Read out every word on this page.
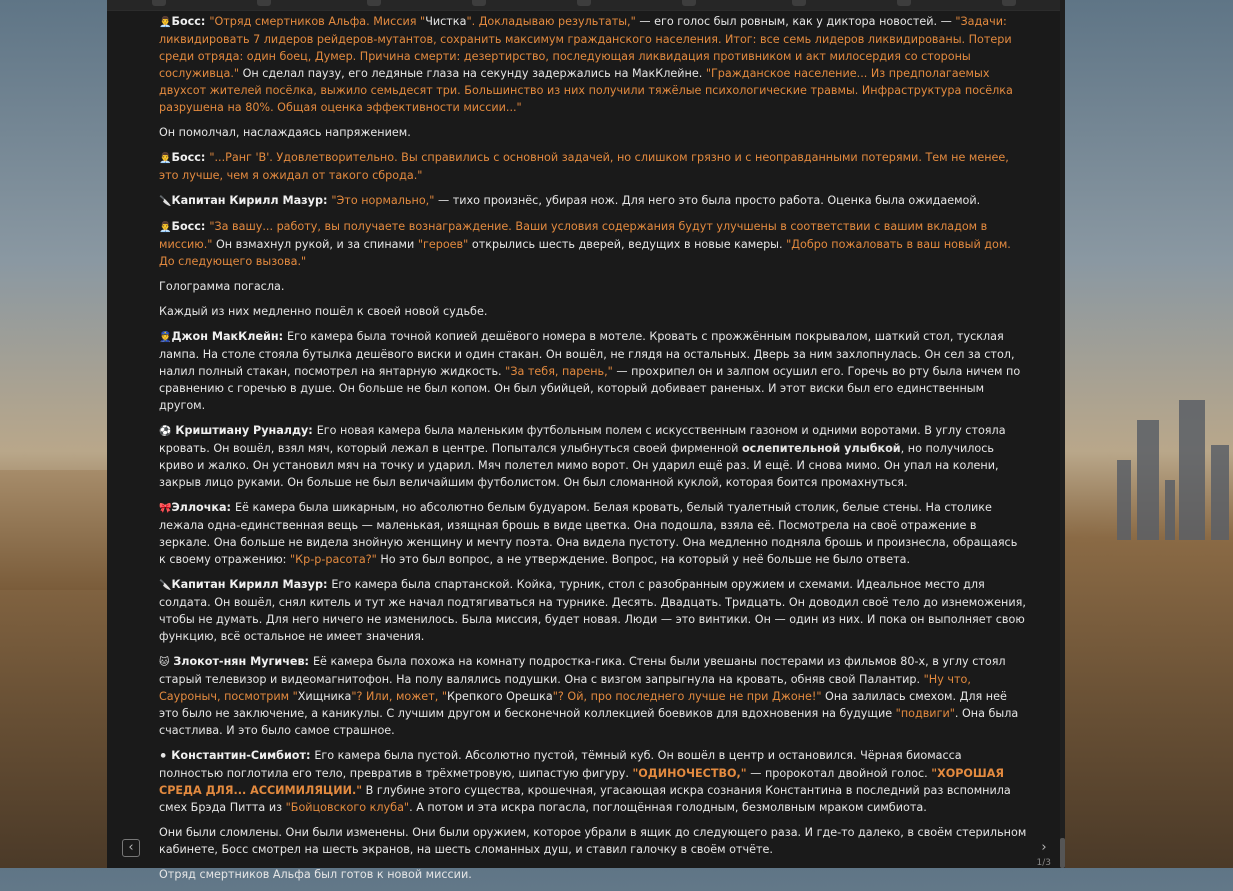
👨‍💼Босс: "Отряд смертников Альфа. Миссия "Чистка". Докладываю результаты," — его голос был ровным, как у диктора новостей. — "Задачи: ликвидировать 7 лидеров рейдеров-мутантов, сохранить максимум гражданского населения. Итог: все семь лидеров ликвидированы. Потери среди отряда: один боец, Думер. Причина смерти: дезертирство, последующая ликвидация противником и акт милосердия со стороны сослуживца." Он сделал паузу, его ледяные глаза на секунду задержались на МакКлейне. "Гражданское население... Из предполагаемых двухсот жителей посёлка, выжило семьдесят три. Большинство из них получили тяжёлые психологические травмы. Инфраструктура посёлка разрушена на 80%. Общая оценка эффективности миссии..."

Он помолчал, наслаждаясь напряжением.

👨‍💼Босс: "...Ранг 'B'. Удовлетворительно. Вы справились с основной задачей, но слишком грязно и с неоправданными потерями. Тем не менее, это лучше, чем я ожидал от такого сброда."

🔪Капитан Кирилл Мазур: "Это нормально," — тихо произнёс, убирая нож. Для него это была просто работа. Оценка была ожидаемой.

👨‍💼Босс: "За вашу... работу, вы получаете вознаграждение. Ваши условия содержания будут улучшены в соответствии с вашим вкладом в миссию." Он взмахнул рукой, и за спинами "героев" открылись шесть дверей, ведущих в новые камеры. "Добро пожаловать в ваш новый дом. До следующего вызова."

Голограмма погасла.

Каждый из них медленно пошёл к своей новой судьбе.

👮Джон МакКлейн: Его камера была точной копией дешёвого номера в мотеле. Кровать с прожжённым покрывалом, шаткий стол, тусклая лампа. На столе стояла бутылка дешёвого виски и один стакан. Он вошёл, не глядя на остальных. Дверь за ним захлопнулась. Он сел за стол, налил полный стакан, посмотрел на янтарную жидкость. "За тебя, парень," — прохрипел он и залпом осушил его. Горечь во рту была ничем по сравнению с горечью в душе. Он больше не был копом. Он был убийцей, который добивает раненых. И этот виски был его единственным другом.

⚽ Криштиану Руналду: Его новая камера была маленьким футбольным полем с искусственным газоном и одними воротами. В углу стояла кровать. Он вошёл, взял мяч, который лежал в центре. Попытался улыбнуться своей фирменной ослепительной улыбкой, но получилось криво и жалко. Он установил мяч на точку и ударил. Мяч полетел мимо ворот. Он ударил ещё раз. И ещё. И снова мимо. Он упал на колени, закрыв лицо руками. Он больше не был величайшим футболистом. Он был сломанной куклой, которая боится промахнуться.

🎀Эллочка: Её камера была шикарным, но абсолютно белым будуаром. Белая кровать, белый туалетный столик, белые стены. На столике лежала одна-единственная вещь — маленькая, изящная брошь в виде цветка. Она подошла, взяла её. Посмотрела на своё отражение в зеркале. Она больше не видела знойную женщину и мечту поэта. Она видела пустоту. Она медленно подняла брошь и произнесла, обращаясь к своему отражению: "Кр-р-расота?" Но это был вопрос, а не утверждение. Вопрос, на который у неё больше не было ответа.

🔪Капитан Кирилл Мазур: Его камера была спартанской. Койка, турник, стол с разобранным оружием и схемами. Идеальное место для солдата. Он вошёл, снял китель и тут же начал подтягиваться на турнике. Десять. Двадцать. Тридцать. Он доводил своё тело до изнеможения, чтобы не думать. Для него ничего не изменилось. Была миссия, будет новая. Люди — это винтики. Он — один из них. И пока он выполняет свою функцию, всё остальное не имеет значения.

🐱 Злокот-нян Мугичев: Её камера была похожа на комнату подростка-гика. Стены были увешаны постерами из фильмов 80-х, в углу стоял старый телевизор и видеомагнитофон. На полу валялись подушки. Она с визгом запрыгнула на кровать, обняв свой Палантир. "Ну что, Сауроныч, посмотрим "Хищника"? Или, может, "Крепкого Орешка"? Ой, про последнего лучше не при Джоне!" Она залилась смехом. Для неё это было не заключение, а каникулы. С лучшим другом и бесконечной коллекцией боевиков для вдохновения на будущие "подвиги". Она была счастлива. И это было самое страшное.

⚫ Константин-Симбиот: Его камера была пустой. Абсолютно пустой, тёмный куб. Он вошёл в центр и остановился. Чёрная биомасса полностью поглотила его тело, превратив в трёхметровую, шипастую фигуру. "ОДИНОЧЕСТВО," — пророкотал двойной голос. "ХОРОШАЯ СРЕДА ДЛЯ... АССИМИЛЯЦИИ." В глубине этого существа, крошечная, угасающая искра сознания Константина в последний раз вспомнила смех Брэда Питта из "Бойцовского клуба". А потом и эта искра погасла, поглощённая голодным, безмолвным мраком симбиота.

Они были сломлены. Они были изменены. Они были оружием, которое убрали в ящик до следующего раза. И где-то далеко, в своём стерильном кабинете, Босс смотрел на шесть экранов, на шесть сломанных душ, и ставил галочку в своём отчёте.

Отряд смертников Альфа был готов к новой миссии.

‹	›
1/3
